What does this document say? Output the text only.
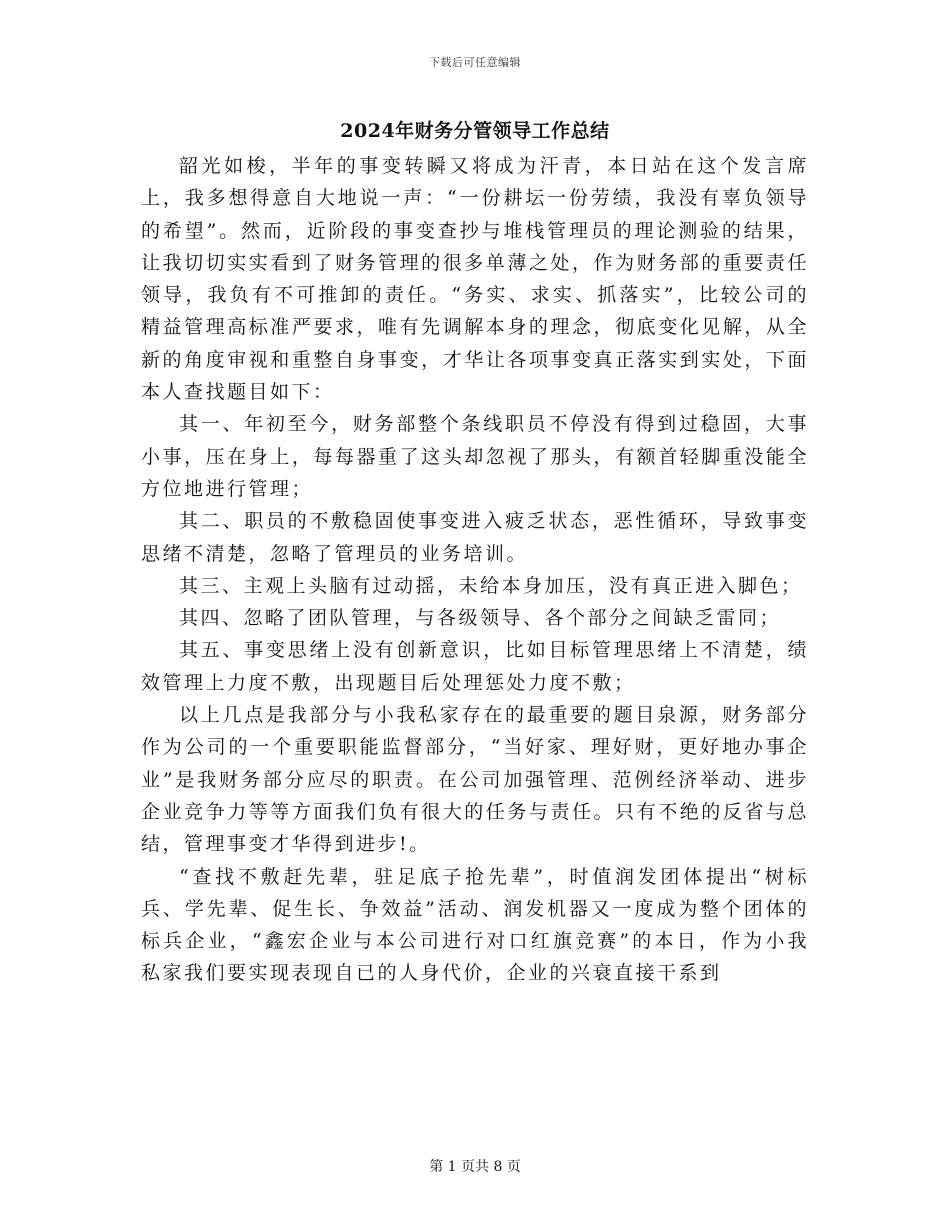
下载后可任意编辑
2024年财务分管领导工作总结

韶光如梭，半年的事变转瞬又将成为汗青，本日站在这个发言席上，我多想得意自大地说一声：“一份耕坛一份劳绩，我没有辜负领导的希望”。然而，近阶段的事变查抄与堆栈管理员的理论测验的结果，让我切切实实看到了财务管理的很多单薄之处，作为财务部的重要责任领导，我负有不可推卸的责任。“务实、求实、抓落实”，比较公司的精益管理高标准严要求，唯有先调解本身的理念，彻底变化见解，从全新的角度审视和重整自身事变，才华让各项事变真正落实到实处，下面本人查找题目如下：

其一、年初至今，财务部整个条线职员不停没有得到过稳固，大事小事，压在身上，每每器重了这头却忽视了那头，有额首轻脚重没能全方位地进行管理；

其二、职员的不敷稳固使事变进入疲乏状态，恶性循环，导致事变思绪不清楚，忽略了管理员的业务培训。

其三、主观上头脑有过动摇，未给本身加压，没有真正进入脚色；

其四、忽略了团队管理，与各级领导、各个部分之间缺乏雷同；

其五、事变思绪上没有创新意识，比如目标管理思绪上不清楚，绩效管理上力度不敷，出现题目后处理惩处力度不敷；

以上几点是我部分与小我私家存在的最重要的题目泉源，财务部分作为公司的一个重要职能监督部分，“当好家、理好财，更好地办事企业”是我财务部分应尽的职责。在公司加强管理、范例经济举动、进步企业竞争力等等方面我们负有很大的任务与责任。只有不绝的反省与总结，管理事变才华得到进步!。

“查找不敷赶先辈，驻足底子抢先辈”，时值润发团体提出“树标兵、学先辈、促生长、争效益”活动、润发机器又一度成为整个团体的标兵企业，“鑫宏企业与本公司进行对口红旗竞赛”的本日，作为小我私家我们要实现表现自已的人身代价，企业的兴衰直接干系到

第 1 页共 8 页
